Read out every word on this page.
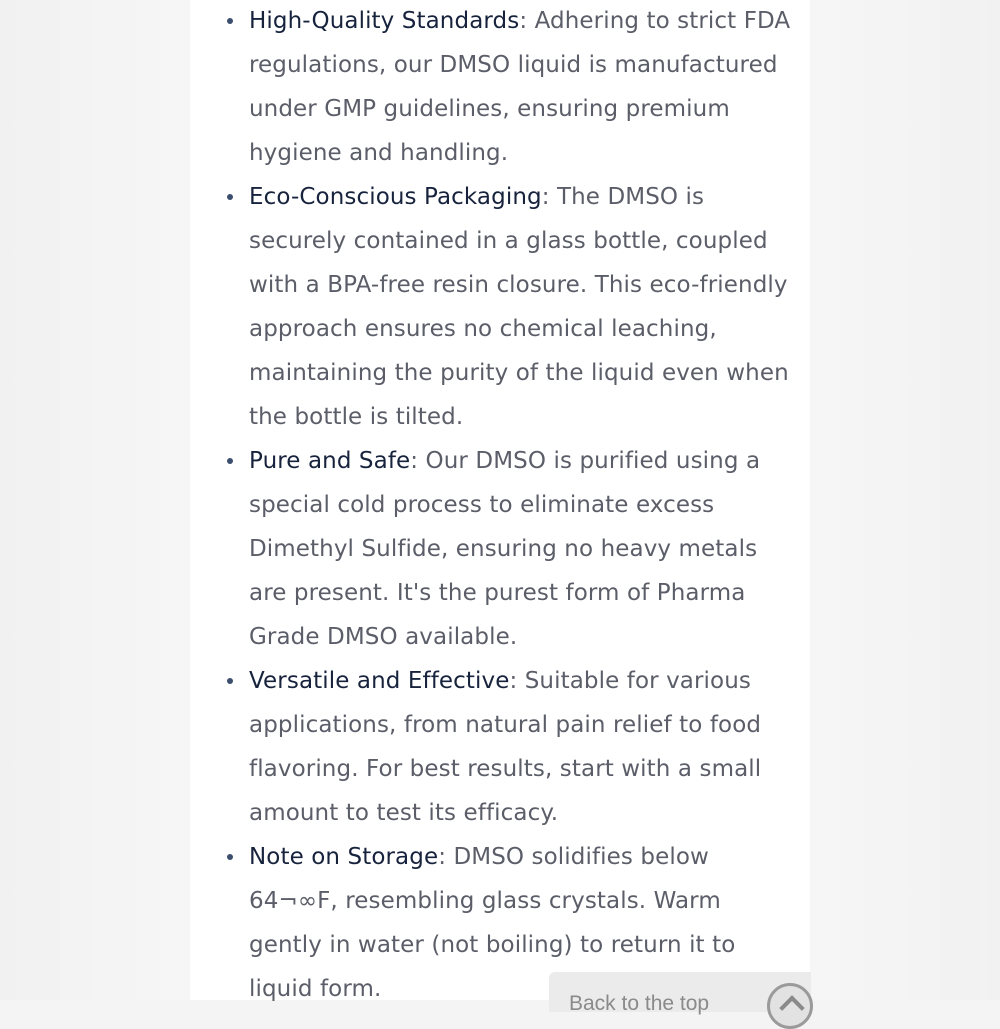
High-Quality Standards: Adhering to strict FDA regulations, our DMSO liquid is manufactured under GMP guidelines, ensuring premium hygiene and handling.
Eco-Conscious Packaging: The DMSO is securely contained in a glass bottle, coupled with a BPA-free resin closure. This eco-friendly approach ensures no chemical leaching, maintaining the purity of the liquid even when the bottle is tilted.
Pure and Safe: Our DMSO is purified using a special cold process to eliminate excess Dimethyl Sulfide, ensuring no heavy metals are present. It's the purest form of Pharma Grade DMSO available.
Versatile and Effective: Suitable for various applications, from natural pain relief to food flavoring. For best results, start with a small amount to test its efficacy.
Note on Storage: DMSO solidifies below 64¬∞F, resembling glass crystals. Warm gently in water (not boiling) to return it to liquid form.
Back to the top
